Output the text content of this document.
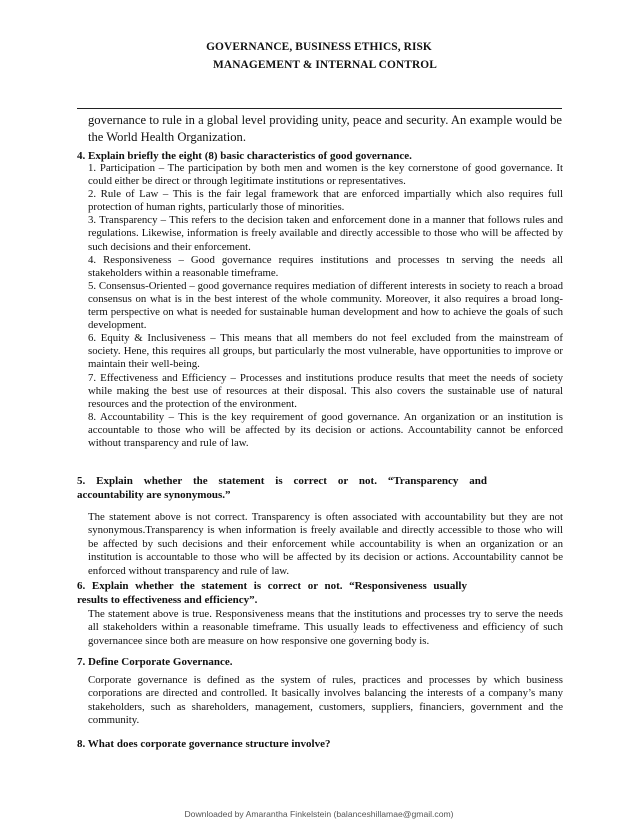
GOVERNANCE, BUSINESS ETHICS, RISK
MANAGEMENT & INTERNAL CONTROL
governance to rule in a global level providing unity, peace and security. An example would be the World Health Organization.
4. Explain briefly the eight (8) basic characteristics of good governance.

1. Participation – The participation by both men and women is the key cornerstone of good governance. It could either be direct or through legitimate institutions or representatives.

2. Rule of Law – This is the fair legal framework that are enforced impartially which also requires full protection of human rights, particularly those of minorities.

3. Transparency – This refers to the decision taken and enforcement done in a manner that follows rules and regulations. Likewise, information is freely available and directly accessible to those who will be affected by such decisions and their enforcement.

4. Responsiveness – Good governance requires institutions and processes tn serving the needs all stakeholders within a reasonable timeframe.

5. Consensus-Oriented – good governance requires mediation of different interests in society to reach a broad consensus on what is in the best interest of the whole community. Moreover, it also requires a broad long-term perspective on what is needed for sustainable human development and how to achieve the goals of such development.

6. Equity & Inclusiveness – This means that all members do not feel excluded from the mainstream of society. Hene, this requires all groups, but particularly the most vulnerable, have opportunities to improve or maintain their well-being.

7. Effectiveness and Efficiency – Processes and institutions produce results that meet the needs of society while making the best use of resources at their disposal. This also covers the sustainable use of natural resources and the protection of the environment.

8. Accountability – This is the key requirement of good governance. An organization or an institution is accountable to those who will be affected by its decision or actions. Accountability cannot be enforced without transparency and rule of law.

5. Explain whether the statement is correct or not. “Transparency and
accountability are synonymous.”

The statement above is not correct. Transparency is often associated with accountability but they are not synonymous.Transparency is when information is freely available and directly accessible to those who will be affected by such decisions and their enforcement while accountability is when an organization or an institution is accountable to those who will be affected by its decision or actions. Accountability cannot be enforced without transparency and rule of law.

6. Explain whether the statement is correct or not. “Responsiveness usually
results to effectiveness and efficiency”.

The statement above is true. Responsiveness means that the institutions and processes try to serve the needs all stakeholders within a reasonable timeframe. This usually leads to effectiveness and efficiency of such governancee since both are measure on how responsive one governing body is.

7. Define Corporate Governance.

Corporate governance is defined as the system of rules, practices and processes by which business corporations are directed and controlled. It basically involves balancing the interests of a company’s many stakeholders, such as shareholders, management, customers, suppliers, financiers, government and the community.

8. What does corporate governance structure involve?
Downloaded by Amarantha Finkelstein (balanceshillamae@gmail.com)
